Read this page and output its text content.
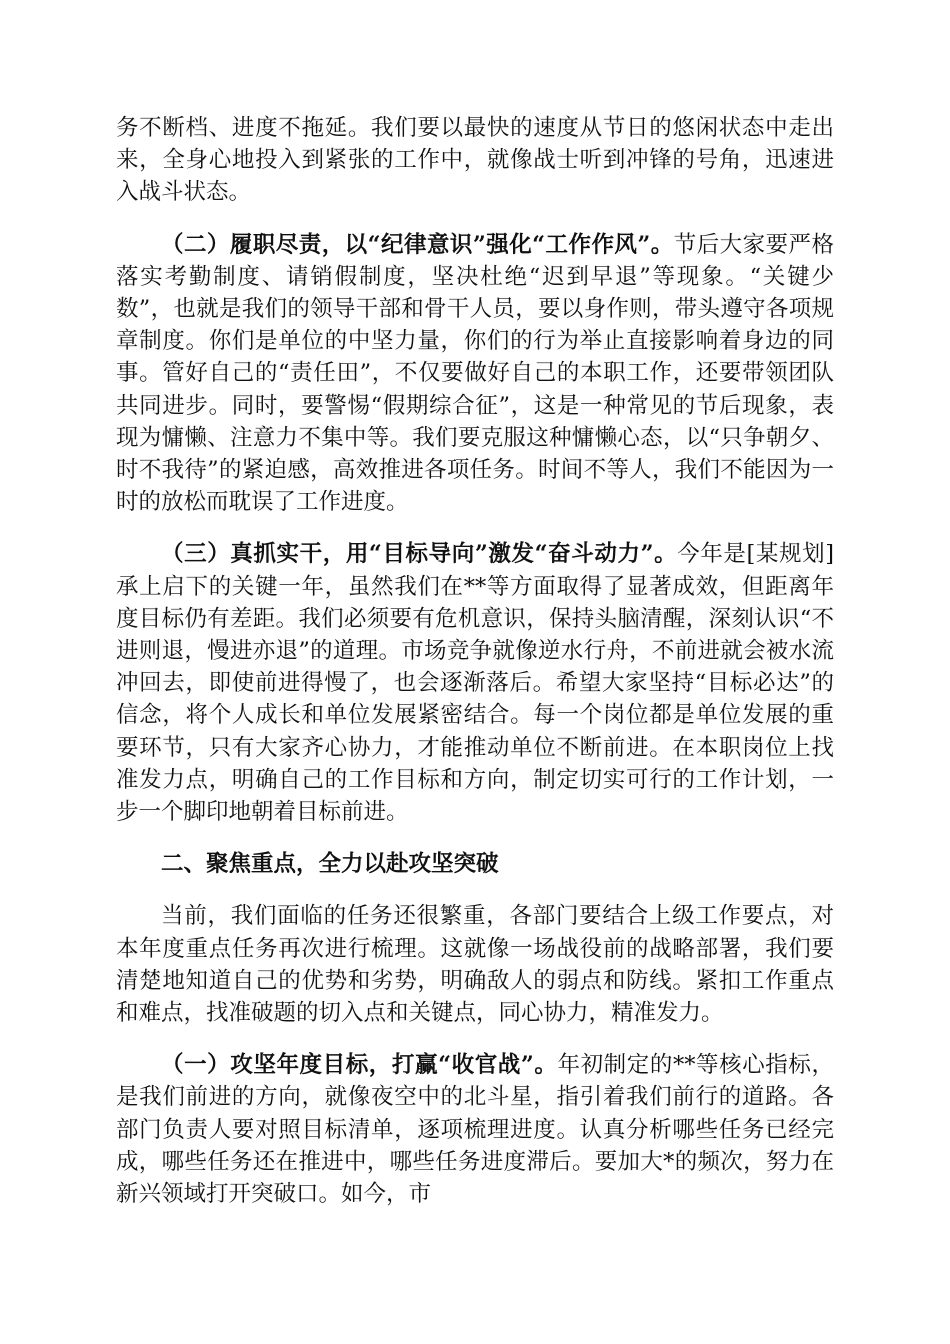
务不断档、进度不拖延。我们要以最快的速度从节日的悠闲状态中走出来，全身心地投入到紧张的工作中，就像战士听到冲锋的号角，迅速进入战斗状态。

（二）履职尽责，以“纪律意识”强化“工作作风”。节后大家要严格落实考勤制度、请销假制度，坚决杜绝“迟到早退”等现象。“关键少数”，也就是我们的领导干部和骨干人员，要以身作则，带头遵守各项规章制度。你们是单位的中坚力量，你们的行为举止直接影响着身边的同事。管好自己的“责任田”，不仅要做好自己的本职工作，还要带领团队共同进步。同时，要警惕“假期综合征”，这是一种常见的节后现象，表现为慵懒、注意力不集中等。我们要克服这种慵懒心态，以“只争朝夕、时不我待”的紧迫感，高效推进各项任务。时间不等人，我们不能因为一时的放松而耽误了工作进度。

（三）真抓实干，用“目标导向”激发“奋斗动力”。今年是[某规划]承上启下的关键一年，虽然我们在**等方面取得了显著成效，但距离年度目标仍有差距。我们必须要有危机意识，保持头脑清醒，深刻认识“不进则退，慢进亦退”的道理。市场竞争就像逆水行舟，不前进就会被水流冲回去，即使前进得慢了，也会逐渐落后。希望大家坚持“目标必达”的信念，将个人成长和单位发展紧密结合。每一个岗位都是单位发展的重要环节，只有大家齐心协力，才能推动单位不断前进。在本职岗位上找准发力点，明确自己的工作目标和方向，制定切实可行的工作计划，一步一个脚印地朝着目标前进。

二、聚焦重点，全力以赴攻坚突破

当前，我们面临的任务还很繁重，各部门要结合上级工作要点，对本年度重点任务再次进行梳理。这就像一场战役前的战略部署，我们要清楚地知道自己的优势和劣势，明确敌人的弱点和防线。紧扣工作重点和难点，找准破题的切入点和关键点，同心协力，精准发力。

（一）攻坚年度目标，打赢“收官战”。年初制定的**等核心指标，是我们前进的方向，就像夜空中的北斗星，指引着我们前行的道路。各部门负责人要对照目标清单，逐项梳理进度。认真分析哪些任务已经完成，哪些任务还在推进中，哪些任务进度滞后。要加大*的频次，努力在新兴领域打开突破口。如今，市
